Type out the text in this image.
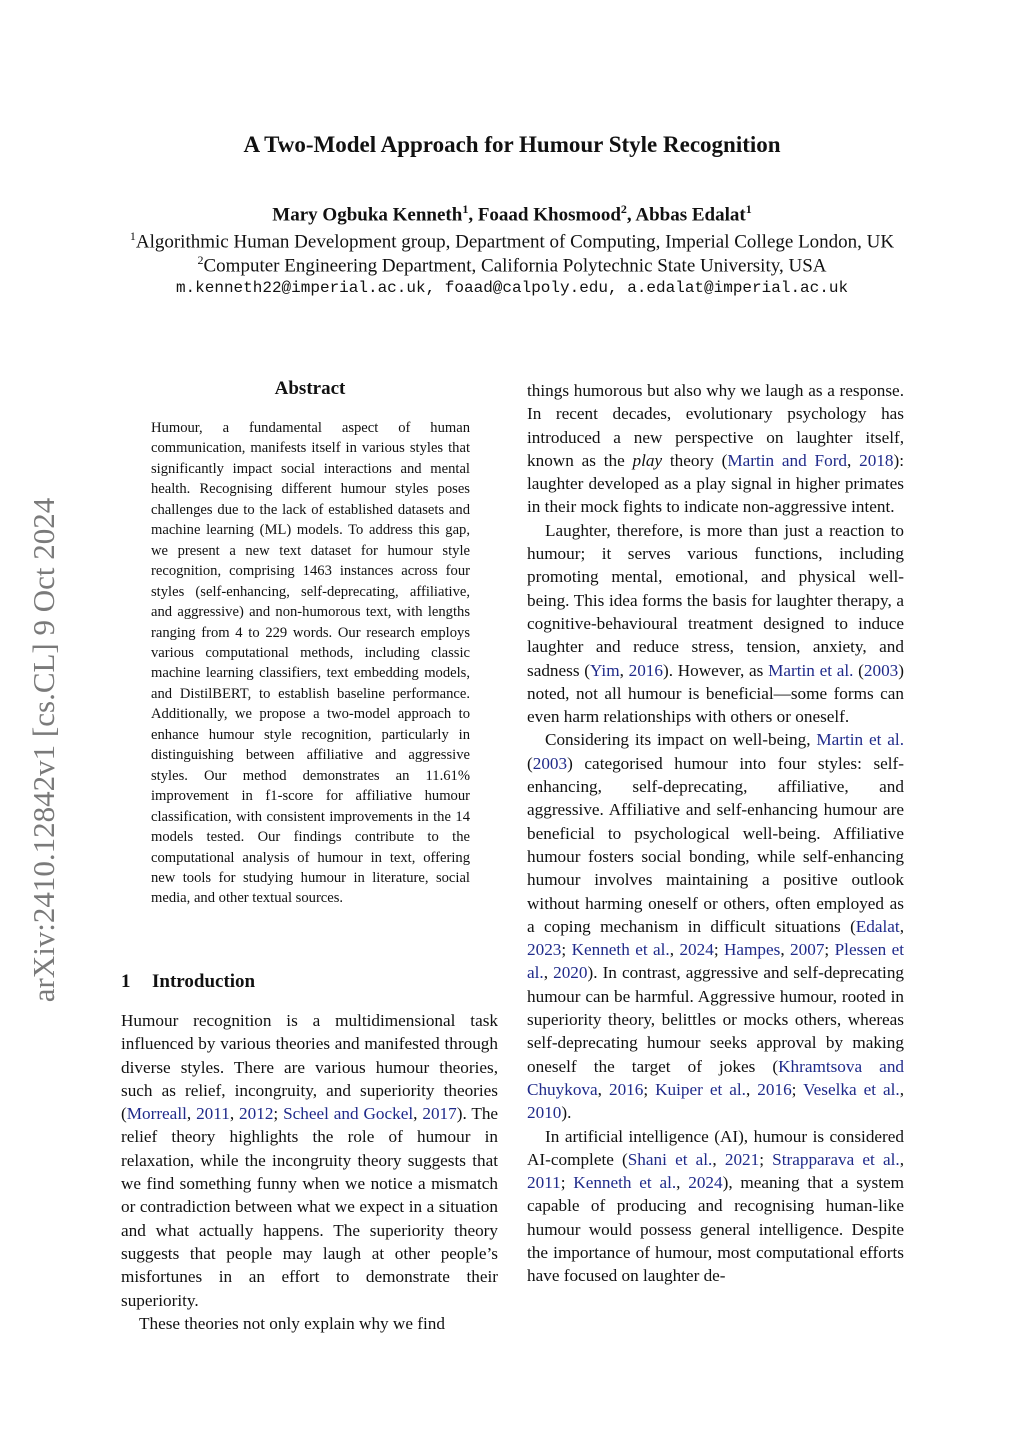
A Two-Model Approach for Humour Style Recognition
Mary Ogbuka Kenneth$^1$, Foaad Khosmood$^2$, Abbas Edalat$^1$
$^1$Algorithmic Human Development group, Department of Computing, Imperial College London, UK
$^2$Computer Engineering Department, California Polytechnic State University, USA
m.kenneth22@imperial.ac.uk, foaad@calpoly.edu, a.edalat@imperial.ac.uk
arXiv:2410.12842v1 [cs.CL] 9 Oct 2024
Abstract
Humour, a fundamental aspect of human communication, manifests itself in various styles that significantly impact social interactions and mental health. Recognising different humour styles poses challenges due to the lack of established datasets and machine learning (ML) models. To address this gap, we present a new text dataset for humour style recognition, comprising 1463 instances across four styles (self-enhancing, self-deprecating, affiliative, and aggressive) and non-humorous text, with lengths ranging from 4 to 229 words. Our research employs various computational methods, including classic machine learning classifiers, text embedding models, and DistilBERT, to establish baseline performance. Additionally, we propose a two-model approach to enhance humour style recognition, particularly in distinguishing between affiliative and aggressive styles. Our method demonstrates an 11.61% improvement in f1-score for affiliative humour classification, with consistent improvements in the 14 models tested. Our findings contribute to the computational analysis of humour in text, offering new tools for studying humour in literature, social media, and other textual sources.
1 Introduction

Humour recognition is a multidimensional task influenced by various theories and manifested through diverse styles. There are various humour theories, such as relief, incongruity, and superiority theories (Morreall, 2011, 2012; Scheel and Gockel, 2017). The relief theory highlights the role of humour in relaxation, while the incongruity theory suggests that we find something funny when we notice a mismatch or contradiction between what we expect in a situation and what actually happens. The superiority theory suggests that people may laugh at other people’s misfortunes in an effort to demonstrate their superiority.

These theories not only explain why we find

things humorous but also why we laugh as a response. In recent decades, evolutionary psychology has introduced a new perspective on laughter itself, known as the play theory (Martin and Ford, 2018): laughter developed as a play signal in higher primates in their mock fights to indicate non-aggressive intent.

Laughter, therefore, is more than just a reaction to humour; it serves various functions, including promoting mental, emotional, and physical well-being. This idea forms the basis for laughter therapy, a cognitive-behavioural treatment designed to induce laughter and reduce stress, tension, anxiety, and sadness (Yim, 2016). However, as Martin et al. (2003) noted, not all humour is beneficial—some forms can even harm relationships with others or oneself.

Considering its impact on well-being, Martin et al. (2003) categorised humour into four styles: self-enhancing, self-deprecating, affiliative, and aggressive. Affiliative and self-enhancing humour are beneficial to psychological well-being. Affiliative humour fosters social bonding, while self-enhancing humour involves maintaining a positive outlook without harming oneself or others, often employed as a coping mechanism in difficult situations (Edalat, 2023; Kenneth et al., 2024; Hampes, 2007; Plessen et al., 2020). In contrast, aggressive and self-deprecating humour can be harmful. Aggressive humour, rooted in superiority theory, belittles or mocks others, whereas self-deprecating humour seeks approval by making oneself the target of jokes (Khramtsova and Chuykova, 2016; Kuiper et al., 2016; Veselka et al., 2010).

In artificial intelligence (AI), humour is considered AI-complete (Shani et al., 2021; Strapparava et al., 2011; Kenneth et al., 2024), meaning that a system capable of producing and recognising human-like humour would possess general intelligence. Despite the importance of humour, most computational efforts have focused on laughter de-
